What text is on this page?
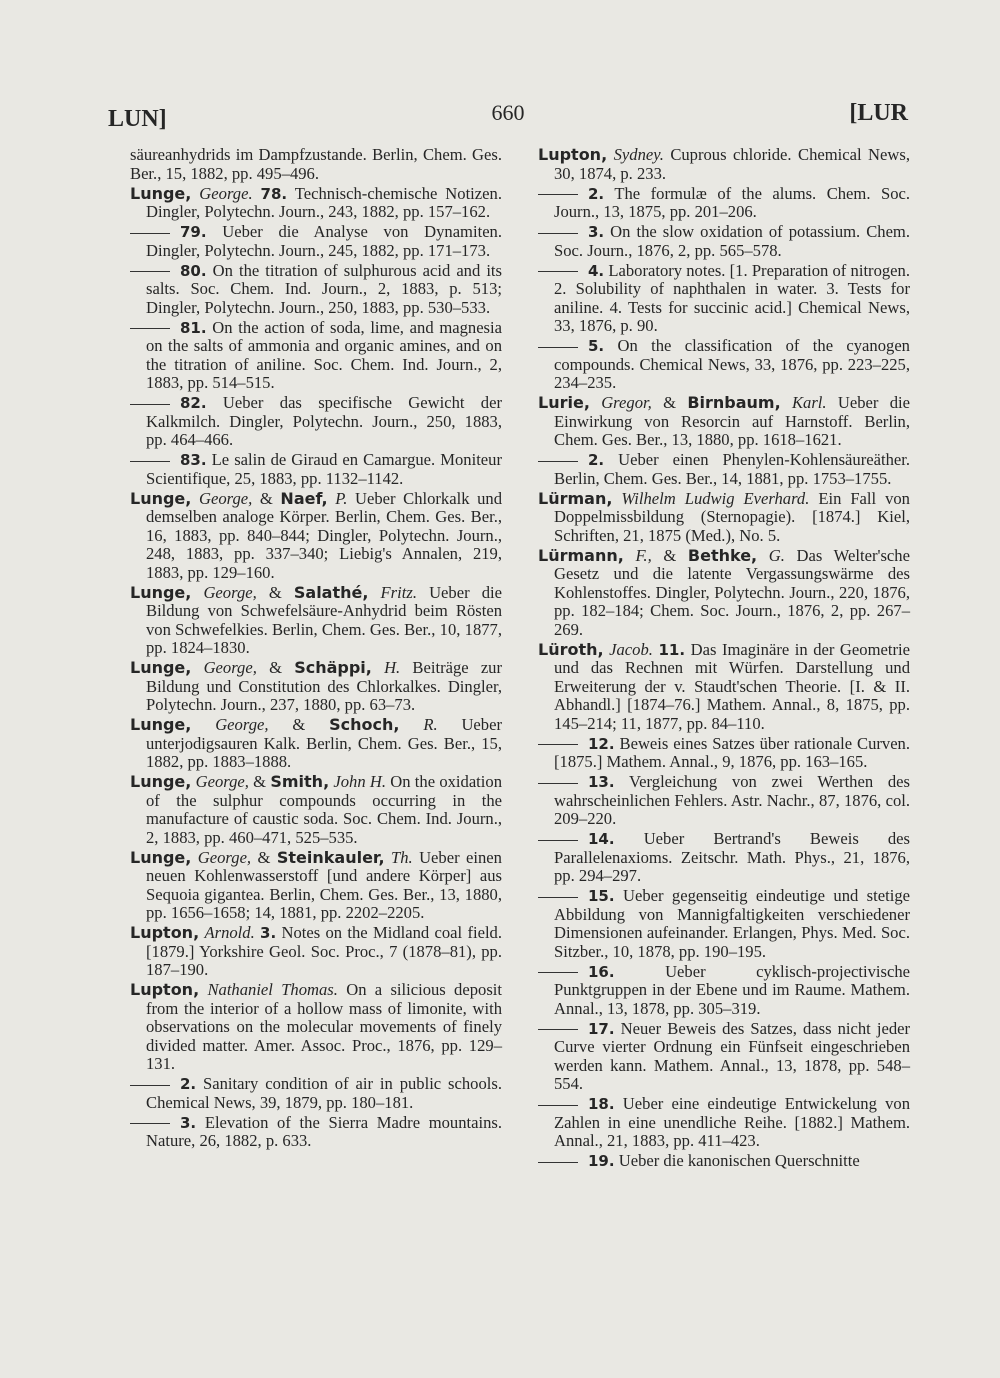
LUN]	660	[LUR

säureanhydrids im Dampfzustande. Berlin, Chem. Ges. Ber., 15, 1882, pp. 495–496.

Lunge, George. 78. Technisch-chemische Notizen. Dingler, Polytechn. Journ., 243, 1882, pp. 157–162.

79. Ueber die Analyse von Dynamiten. Dingler, Polytechn. Journ., 245, 1882, pp. 171–173.

80. On the titration of sulphurous acid and its salts. Soc. Chem. Ind. Journ., 2, 1883, p. 513; Dingler, Polytechn. Journ., 250, 1883, pp. 530–533.

81. On the action of soda, lime, and magnesia on the salts of ammonia and organic amines, and on the titration of aniline. Soc. Chem. Ind. Journ., 2, 1883, pp. 514–515.

82. Ueber das specifische Gewicht der Kalkmilch. Dingler, Polytechn. Journ., 250, 1883, pp. 464–466.

83. Le salin de Giraud en Camargue. Moniteur Scientifique, 25, 1883, pp. 1132–1142.

Lunge, George, & Naef, P. Ueber Chlorkalk und demselben analoge Körper. Berlin, Chem. Ges. Ber., 16, 1883, pp. 840–844; Dingler, Polytechn. Journ., 248, 1883, pp. 337–340; Liebig's Annalen, 219, 1883, pp. 129–160.

Lunge, George, & Salathé, Fritz. Ueber die Bildung von Schwefelsäure-Anhydrid beim Rösten von Schwefelkies. Berlin, Chem. Ges. Ber., 10, 1877, pp. 1824–1830.

Lunge, George, & Schäppi, H. Beiträge zur Bildung und Constitution des Chlorkalkes. Dingler, Polytechn. Journ., 237, 1880, pp. 63–73.

Lunge, George, & Schoch, R. Ueber unterjodigsauren Kalk. Berlin, Chem. Ges. Ber., 15, 1882, pp. 1883–1888.

Lunge, George, & Smith, John H. On the oxidation of the sulphur compounds occurring in the manufacture of caustic soda. Soc. Chem. Ind. Journ., 2, 1883, pp. 460–471, 525–535.

Lunge, George, & Steinkauler, Th. Ueber einen neuen Kohlenwasserstoff [und andere Körper] aus Sequoia gigantea. Berlin, Chem. Ges. Ber., 13, 1880, pp. 1656–1658; 14, 1881, pp. 2202–2205.

Lupton, Arnold. 3. Notes on the Midland coal field. [1879.] Yorkshire Geol. Soc. Proc., 7 (1878–81), pp. 187–190.

Lupton, Nathaniel Thomas. On a silicious deposit from the interior of a hollow mass of limonite, with observations on the molecular movements of finely divided matter. Amer. Assoc. Proc., 1876, pp. 129–131.

2. Sanitary condition of air in public schools. Chemical News, 39, 1879, pp. 180–181.

3. Elevation of the Sierra Madre mountains. Nature, 26, 1882, p. 633.

Lupton, Sydney. Cuprous chloride. Chemical News, 30, 1874, p. 233.

2. The formulæ of the alums. Chem. Soc. Journ., 13, 1875, pp. 201–206.

3. On the slow oxidation of potassium. Chem. Soc. Journ., 1876, 2, pp. 565–578.

4. Laboratory notes. [1. Preparation of nitrogen. 2. Solubility of naphthalen in water. 3. Tests for aniline. 4. Tests for succinic acid.] Chemical News, 33, 1876, p. 90.

5. On the classification of the cyanogen compounds. Chemical News, 33, 1876, pp. 223–225, 234–235.

Lurie, Gregor, & Birnbaum, Karl. Ueber die Einwirkung von Resorcin auf Harnstoff. Berlin, Chem. Ges. Ber., 13, 1880, pp. 1618–1621.

2. Ueber einen Phenylen-Kohlensäureäther. Berlin, Chem. Ges. Ber., 14, 1881, pp. 1753–1755.

Lürman, Wilhelm Ludwig Everhard. Ein Fall von Doppelmissbildung (Sternopagie). [1874.] Kiel, Schriften, 21, 1875 (Med.), No. 5.

Lürmann, F., & Bethke, G. Das Welter'sche Gesetz und die latente Vergassungswärme des Kohlenstoffes. Dingler, Polytechn. Journ., 220, 1876, pp. 182–184; Chem. Soc. Journ., 1876, 2, pp. 267–269.

Lüroth, Jacob. 11. Das Imaginäre in der Geometrie und das Rechnen mit Würfen. Darstellung und Erweiterung der v. Staudt'schen Theorie. [I. & II. Abhandl.] [1874–76.] Mathem. Annal., 8, 1875, pp. 145–214; 11, 1877, pp. 84–110.

12. Beweis eines Satzes über rationale Curven. [1875.] Mathem. Annal., 9, 1876, pp. 163–165.

13. Vergleichung von zwei Werthen des wahrscheinlichen Fehlers. Astr. Nachr., 87, 1876, col. 209–220.

14. Ueber Bertrand's Beweis des Parallelenaxioms. Zeitschr. Math. Phys., 21, 1876, pp. 294–297.

15. Ueber gegenseitig eindeutige und stetige Abbildung von Mannigfaltigkeiten verschiedener Dimensionen aufeinander. Erlangen, Phys. Med. Soc. Sitzber., 10, 1878, pp. 190–195.

16.	Ueber cyklisch-projectivische Punktgruppen in der Ebene und im Raume. Mathem. Annal., 13, 1878, pp. 305–319.

17. Neuer Beweis des Satzes, dass nicht jeder Curve vierter Ordnung ein Fünfseit eingeschrieben werden kann. Mathem. Annal., 13, 1878, pp. 548–554.

18. Ueber eine eindeutige Entwickelung von Zahlen in eine unendliche Reihe. [1882.] Mathem. Annal., 21, 1883, pp. 411–423.

19. Ueber die kanonischen Querschnitte
